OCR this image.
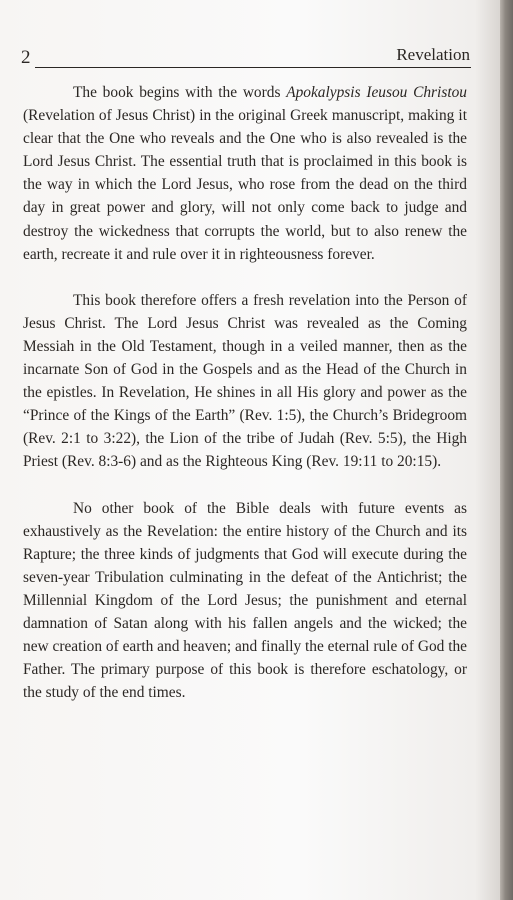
2	Revelation

The book begins with the words Apokalypsis Ieusou Christou (Revelation of Jesus Christ) in the original Greek manuscript, making it clear that the One who reveals and the One who is also revealed is the Lord Jesus Christ. The essential truth that is proclaimed in this book is the way in which the Lord Jesus, who rose from the dead on the third day in great power and glory, will not only come back to judge and destroy the wickedness that corrupts the world, but to also renew the earth, recreate it and rule over it in righteousness forever.

This book therefore offers a fresh revelation into the Person of Jesus Christ. The Lord Jesus Christ was revealed as the Coming Messiah in the Old Testament, though in a veiled manner, then as the incarnate Son of God in the Gospels and as the Head of the Church in the epistles. In Revelation, He shines in all His glory and power as the “Prince of the Kings of the Earth” (Rev. 1:5), the Church’s Bridegroom (Rev. 2:1 to 3:22), the Lion of the tribe of Judah (Rev. 5:5), the High Priest (Rev. 8:3-6) and as the Righteous King (Rev. 19:11 to 20:15).

No other book of the Bible deals with future events as exhaustively as the Revelation: the entire history of the Church and its Rapture; the three kinds of judgments that God will execute during the seven-year Tribulation culminating in the defeat of the Antichrist; the Millennial Kingdom of the Lord Jesus; the punishment and eternal damnation of Satan along with his fallen angels and the wicked; the new creation of earth and heaven; and finally the eternal rule of God the Father. The primary purpose of this book is therefore eschatology, or the study of the end times.
